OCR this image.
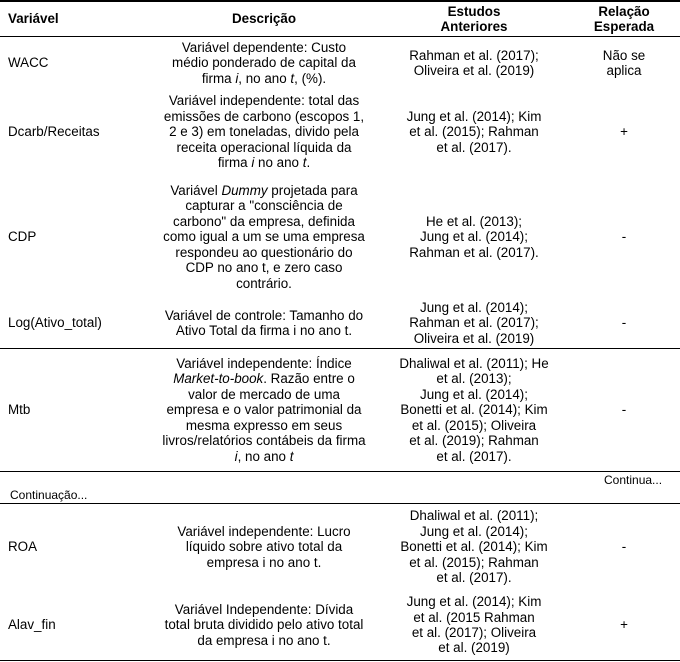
Variável	Descrição
Estudos
Anteriores
Relação
Esperada
WACC
Variável dependente: Custo
médio ponderado de capital da
firma i, no ano t, (%).
Rahman et al. (2017);
Oliveira et al. (2019)
Não se
aplica
Dcarb/Receitas
Variável independente: total das
emissões de carbono (escopos 1,
2 e 3) em toneladas, divido pela
receita operacional líquida da
firma i no ano t.
Jung et al. (2014); Kim
et al. (2015); Rahman
et al. (2017).
+
CDP
Variável Dummy projetada para
capturar a "consciência de
carbono" da empresa, definida
como igual a um se uma empresa
respondeu ao questionário do
CDP no ano t, e zero caso
contrário.
He et al. (2013);
Jung et al. (2014);
Rahman et al. (2017).
-
Log(Ativo_total)
Variável de controle: Tamanho do
Ativo Total da firma i no ano t.
Jung et al. (2014);
Rahman et al. (2017);
Oliveira et al. (2019)
-
Mtb
Variável independente: Índice
Market-to-book. Razão entre o
valor de mercado de uma
empresa e o valor patrimonial da
mesma expresso em seus
livros/relatórios contábeis da firma
i, no ano t
Dhaliwal et al. (2011); He
et al. (2013);
Jung et al. (2014);
Bonetti et al. (2014); Kim
et al. (2015); Oliveira
et al. (2019); Rahman
et al. (2017).
-
Continua...
Continuação...
ROA
Variável independente: Lucro
líquido sobre ativo total da
empresa i no ano t.
Dhaliwal et al. (2011);
Jung et al. (2014);
Bonetti et al. (2014); Kim
et al. (2015); Rahman
et al. (2017).
-
Alav_fin
Variável Independente: Dívida
total bruta dividido pelo ativo total
da empresa i no ano t.
Jung et al. (2014); Kim
et al. (2015 Rahman
et al. (2017); Oliveira
et al. (2019)
+
